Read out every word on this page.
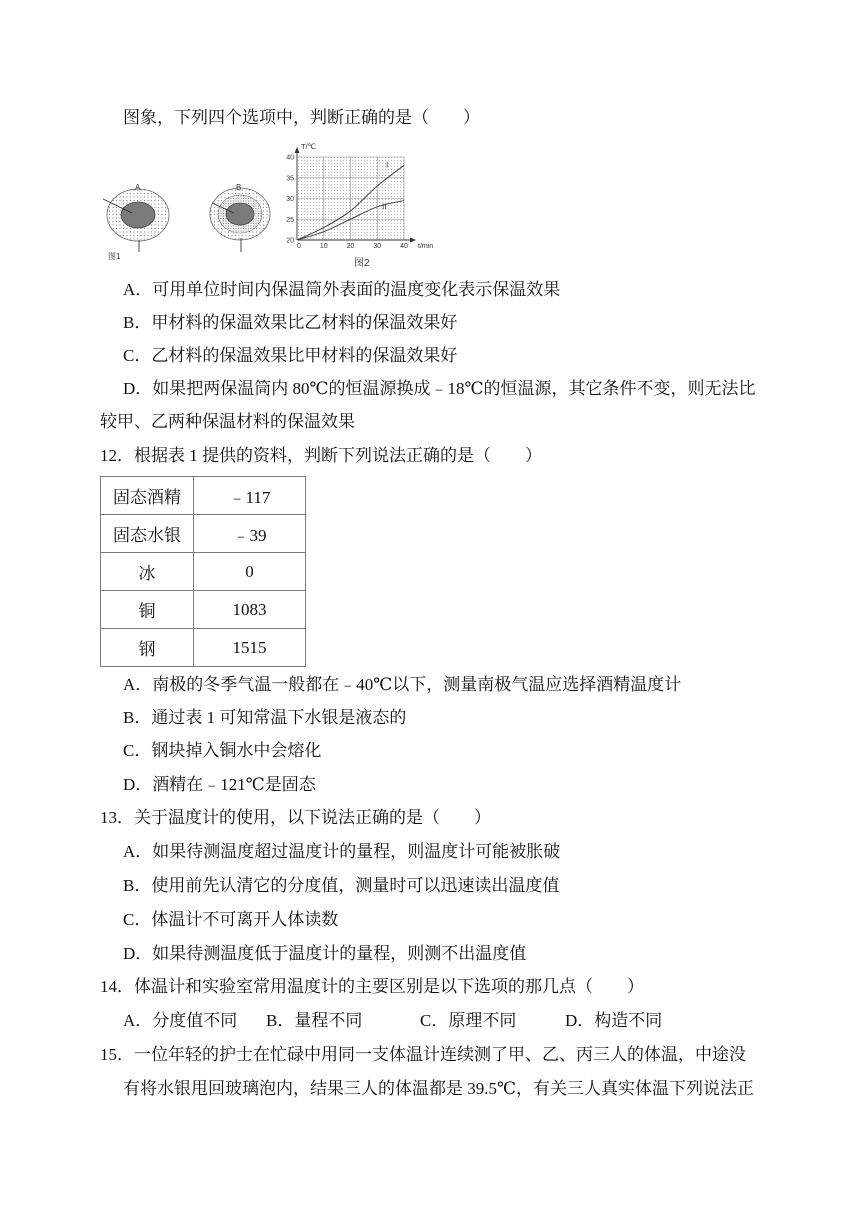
图象，下列四个选项中，判断正确的是（　　）
A	B
图1
0	10	20	30	40
20
25
30
35
40
I
II
T/℃
t/min
图2
A．可用单位时间内保温筒外表面的温度变化表示保温效果
B．甲材料的保温效果比乙材料的保温效果好
C．乙材料的保温效果比甲材料的保温效果好
D．如果把两保温筒内 80℃的恒温源换成﹣18℃的恒温源，其它条件不变，则无法比
较甲、乙两种保温材料的保温效果
12．根据表 1 提供的资料，判断下列说法正确的是（　　）
固态酒精	﹣117
固态水银	﹣39
冰	0
铜	1083
钢	1515
A．南极的冬季气温一般都在﹣40℃以下，测量南极气温应选择酒精温度计
B．通过表 1 可知常温下水银是液态的
C．钢块掉入铜水中会熔化
D．酒精在﹣121℃是固态
13．关于温度计的使用，以下说法正确的是（　　）
A．如果待测温度超过温度计的量程，则温度计可能被胀破
B．使用前先认清它的分度值，测量时可以迅速读出温度值
C．体温计不可离开人体读数
D．如果待测温度低于温度计的量程，则测不出温度值
14．体温计和实验室常用温度计的主要区别是以下选项的那几点（　　）
A．分度值不同 B．量程不同	C．原理不同	D．构造不同
15．一位年轻的护士在忙碌中用同一支体温计连续测了甲、乙、丙三人的体温，中途没
有将水银甩回玻璃泡内，结果三人的体温都是 39.5℃，有关三人真实体温下列说法正
